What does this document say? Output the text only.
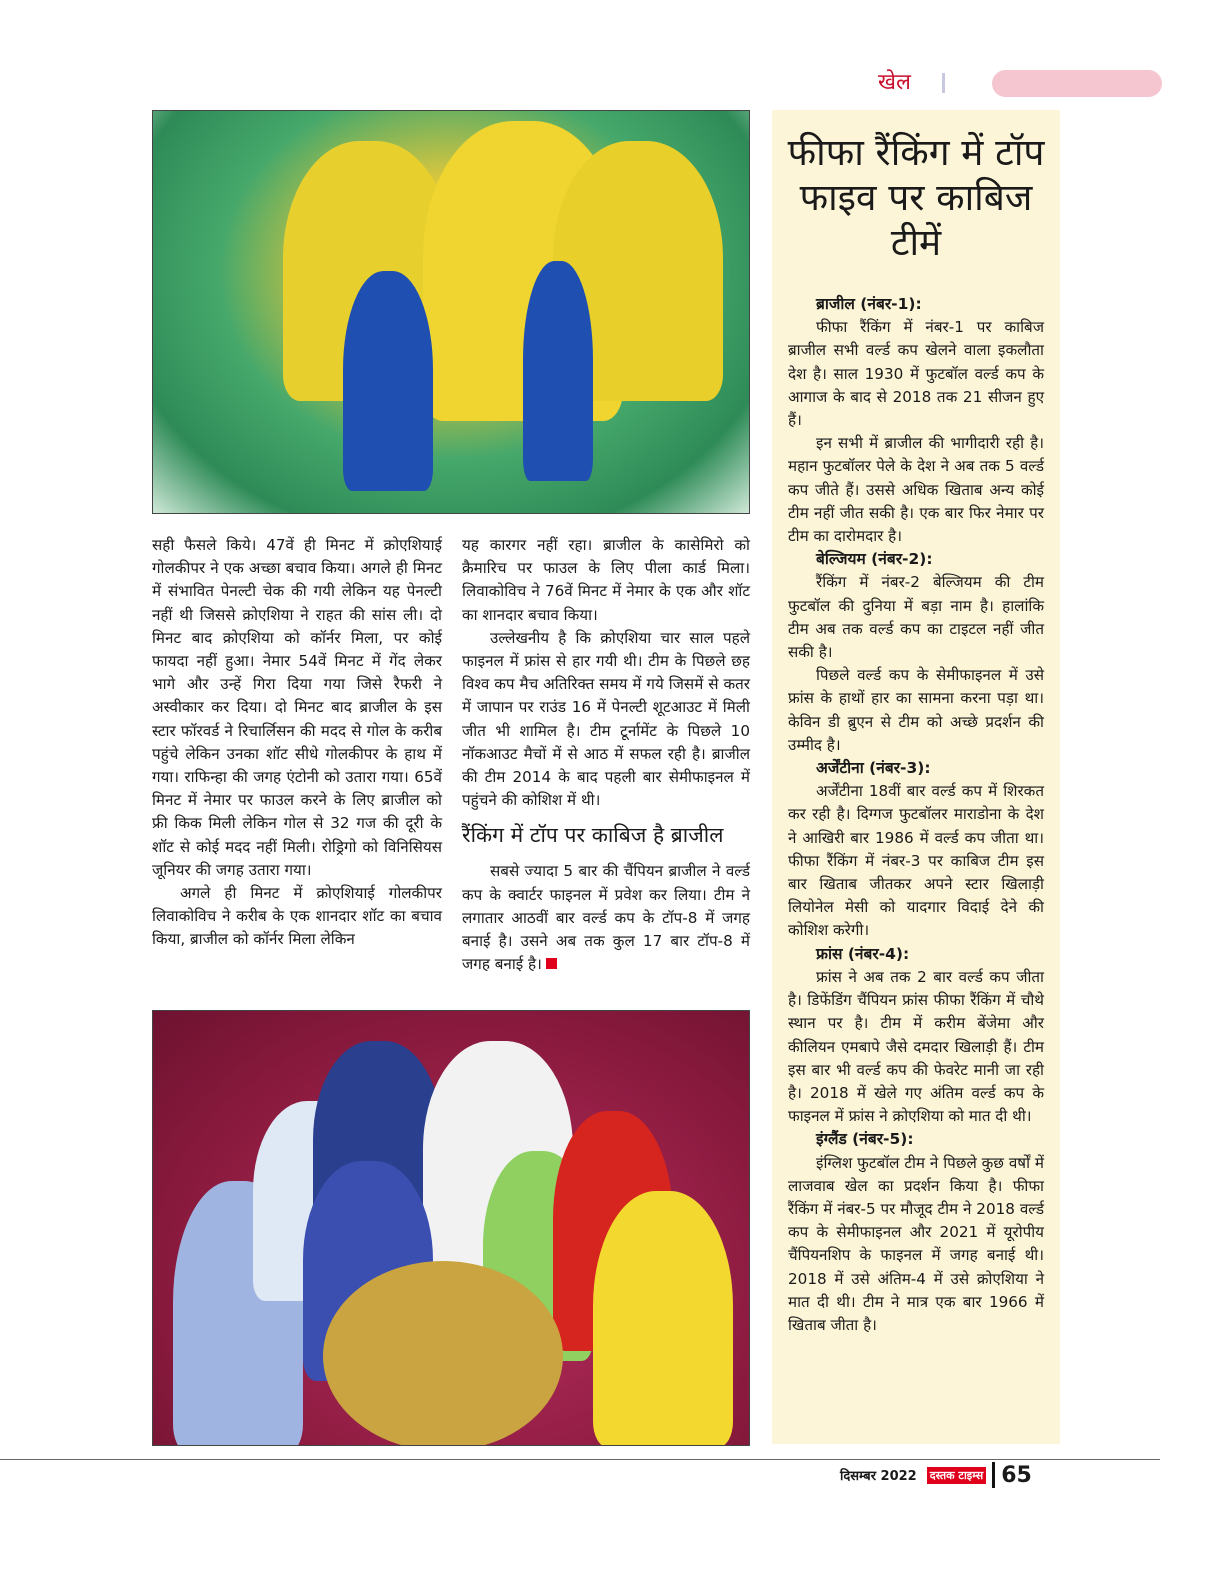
खेल

सही फैसले किये। 47वें ही मिनट में क्रोएशियाई गोलकीपर ने एक अच्छा बचाव किया। अगले ही मिनट में संभावित पेनल्टी चेक की गयी लेकिन यह पेनल्टी नहीं थी जिससे क्रोएशिया ने राहत की सांस ली। दो मिनट बाद क्रोएशिया को कॉर्नर मिला, पर कोई फायदा नहीं हुआ। नेमार 54वें मिनट में गेंद लेकर भागे और उन्हें गिरा दिया गया जिसे रैफरी ने अस्वीकार कर दिया। दो मिनट बाद ब्राजील के इस स्टार फॉरवर्ड ने रिचार्लिसन की मदद से गोल के करीब पहुंचे लेकिन उनका शॉट सीधे गोलकीपर के हाथ में गया। राफिन्हा की जगह एंटोनी को उतारा गया। 65वें मिनट में नेमार पर फाउल करने के लिए ब्राजील को फ्री किक मिली लेकिन गोल से 32 गज की दूरी के शॉट से कोई मदद नहीं मिली। रोड्रिगो को विनिसियस जूनियर की जगह उतारा गया।

अगले ही मिनट में क्रोएशियाई गोलकीपर लिवाकोविच ने करीब के एक शानदार शॉट का बचाव किया, ब्राजील को कॉर्नर मिला लेकिन

यह कारगर नहीं रहा। ब्राजील के कासेमिरो को क्रैमारिच पर फाउल के लिए पीला कार्ड मिला। लिवाकोविच ने 76वें मिनट में नेमार के एक और शॉट का शानदार बचाव किया।

उल्लेखनीय है कि क्रोएशिया चार साल पहले फाइनल में फ्रांस से हार गयी थी। टीम के पिछले छह विश्व कप मैच अतिरिक्त समय में गये जिसमें से कतर में जापान पर राउंड 16 में पेनल्टी शूटआउट में मिली जीत भी शामिल है। टीम टूर्नामेंट के पिछले 10 नॉकआउट मैचों में से आठ में सफल रही है। ब्राजील की टीम 2014 के बाद पहली बार सेमीफाइनल में पहुंचने की कोशिश में थी।

रैंकिंग में टॉप पर काबिज है ब्राजील

सबसे ज्यादा 5 बार की चैंपियन ब्राजील ने वर्ल्ड कप के क्वार्टर फाइनल में प्रवेश कर लिया। टीम ने लगातार आठवीं बार वर्ल्ड कप के टॉप-8 में जगह बनाई है। उसने अब तक कुल 17 बार टॉप-8 में जगह बनाई है।

फीफा रैंकिंग में टॉप फाइव पर काबिज टीमें
ब्राजील (नंबर-1):

फीफा रैंकिंग में नंबर-1 पर काबिज ब्राजील सभी वर्ल्ड कप खेलने वाला इकलौता देश है। साल 1930 में फुटबॉल वर्ल्ड कप के आगाज के बाद से 2018 तक 21 सीजन हुए हैं।

इन सभी में ब्राजील की भागीदारी रही है। महान फुटबॉलर पेले के देश ने अब तक 5 वर्ल्ड कप जीते हैं। उससे अधिक खिताब अन्य कोई टीम नहीं जीत सकी है। एक बार फिर नेमार पर टीम का दारोमदार है।

बेल्जियम (नंबर-2):

रैंकिंग में नंबर-2 बेल्जियम की टीम फुटबॉल की दुनिया में बड़ा नाम है। हालांकि टीम अब तक वर्ल्ड कप का टाइटल नहीं जीत सकी है।

पिछले वर्ल्ड कप के सेमीफाइनल में उसे फ्रांस के हाथों हार का सामना करना पड़ा था। केविन डी ब्रुएन से टीम को अच्छे प्रदर्शन की उम्मीद है।

अर्जेंटीना (नंबर-3):

अर्जेंटीना 18वीं बार वर्ल्ड कप में शिरकत कर रही है। दिग्गज फुटबॉलर माराडोना के देश ने आखिरी बार 1986 में वर्ल्ड कप जीता था। फीफा रैंकिंग में नंबर-3 पर काबिज टीम इस बार खिताब जीतकर अपने स्टार खिलाड़ी लियोनेल मेसी को यादगार विदाई देने की कोशिश करेगी।

फ्रांस (नंबर-4):

फ्रांस ने अब तक 2 बार वर्ल्ड कप जीता है। डिफेंडिंग चैंपियन फ्रांस फीफा रैंकिंग में चौथे स्थान पर है। टीम में करीम बेंजेमा और कीलियन एमबापे जैसे दमदार खिलाड़ी हैं। टीम इस बार भी वर्ल्ड कप की फेवरेट मानी जा रही है। 2018 में खेले गए अंतिम वर्ल्ड कप के फाइनल में फ्रांस ने क्रोएशिया को मात दी थी।

इंग्लैंड (नंबर-5):

इंग्लिश फुटबॉल टीम ने पिछले कुछ वर्षों में लाजवाब खेल का प्रदर्शन किया है। फीफा रैंकिंग में नंबर-5 पर मौजूद टीम ने 2018 वर्ल्ड कप के सेमीफाइनल और 2021 में यूरोपीय चैंपियनशिप के फाइनल में जगह बनाई थी। 2018 में उसे अंतिम-4 में उसे क्रोएशिया ने मात दी थी। टीम ने मात्र एक बार 1966 में खिताब जीता है।

दिसम्बर 2022 दस्तक टाइम्स 65
